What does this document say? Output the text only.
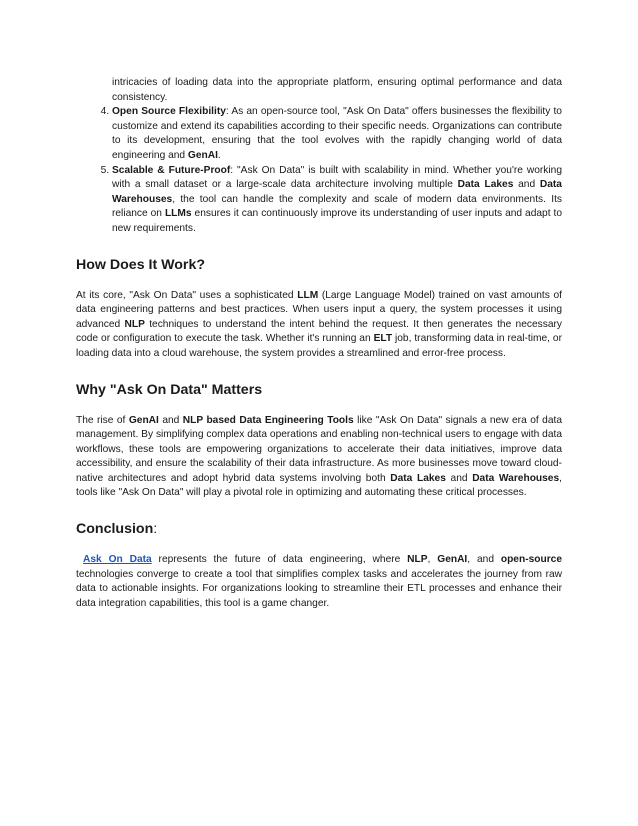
intricacies of loading data into the appropriate platform, ensuring optimal performance and data consistency.

4. Open Source Flexibility: As an open-source tool, "Ask On Data" offers businesses the flexibility to customize and extend its capabilities according to their specific needs. Organizations can contribute to its development, ensuring that the tool evolves with the rapidly changing world of data engineering and GenAI.
5. Scalable & Future-Proof: "Ask On Data" is built with scalability in mind. Whether you're working with a small dataset or a large-scale data architecture involving multiple Data Lakes and Data Warehouses, the tool can handle the complexity and scale of modern data environments. Its reliance on LLMs ensures it can continuously improve its understanding of user inputs and adapt to new requirements.
How Does It Work?

At its core, "Ask On Data" uses a sophisticated LLM (Large Language Model) trained on vast amounts of data engineering patterns and best practices. When users input a query, the system processes it using advanced NLP techniques to understand the intent behind the request. It then generates the necessary code or configuration to execute the task. Whether it's running an ELT job, transforming data in real-time, or loading data into a cloud warehouse, the system provides a streamlined and error-free process.

Why "Ask On Data" Matters

The rise of GenAI and NLP based Data Engineering Tools like "Ask On Data" signals a new era of data management. By simplifying complex data operations and enabling non-technical users to engage with data workflows, these tools are empowering organizations to accelerate their data initiatives, improve data accessibility, and ensure the scalability of their data infrastructure. As more businesses move toward cloud-native architectures and adopt hybrid data systems involving both Data Lakes and Data Warehouses, tools like "Ask On Data" will play a pivotal role in optimizing and automating these critical processes.

Conclusion:

Ask On Data represents the future of data engineering, where NLP, GenAI, and open-source technologies converge to create a tool that simplifies complex tasks and accelerates the journey from raw data to actionable insights. For organizations looking to streamline their ETL processes and enhance their data integration capabilities, this tool is a game changer.
